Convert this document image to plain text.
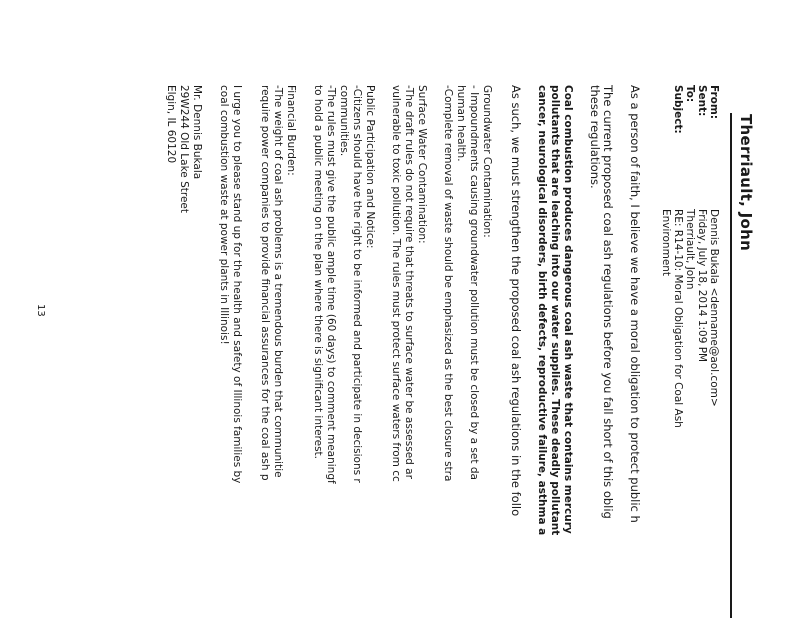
Therriault, John
From:
Sent:
To:
Subject:
Dennis Bukala <denname@aol.com>
Friday, July 18, 2014 1:09 PM
Therriault, John
RE: R14-10: Moral Obligation for Coal Ash
Environment
As a person of faith, I believe we have a moral obligation to protect public h
The current proposed coal ash regulations before you fall short of this oblig
these regulations.
Coal combustion produces dangerous coal ash waste that contains mercury
pollutants that are leaching into our water supplies. These deadly pollutant
cancer, neurological disorders, birth defects, reproductive failure, asthma a
As such, we must strengthen the proposed coal ash regulations in the follo
Groundwater Contamination:
- Impoundments causing groundwater pollution must be closed by a set da
human health.
-Complete removal of waste should be emphasized as the best closure stra
Surface Water Contamination:
-The draft rules do not require that threats to surface water be assessed ar
vulnerable to toxic pollution. The rules must protect surface waters from cc
Public Participation and Notice:
-Citizens should have the right to be informed and participate in decisions r
communities.
-The rules must give the public ample time (60 days) to comment meaningf
to hold a public meeting on the plan where there is significant interest.
Financial Burden:
-The weight of coal ash problems is a tremendous burden that communitie
require power companies to provide financial assurances for the coal ash p
I urge you to please stand up for the health and safety of Illinois families by
coal combustion waste at power plants in Illinois!
Mr. Dennis Bukala
29W244 Old Lake Street
Elgin, IL 60120
13
